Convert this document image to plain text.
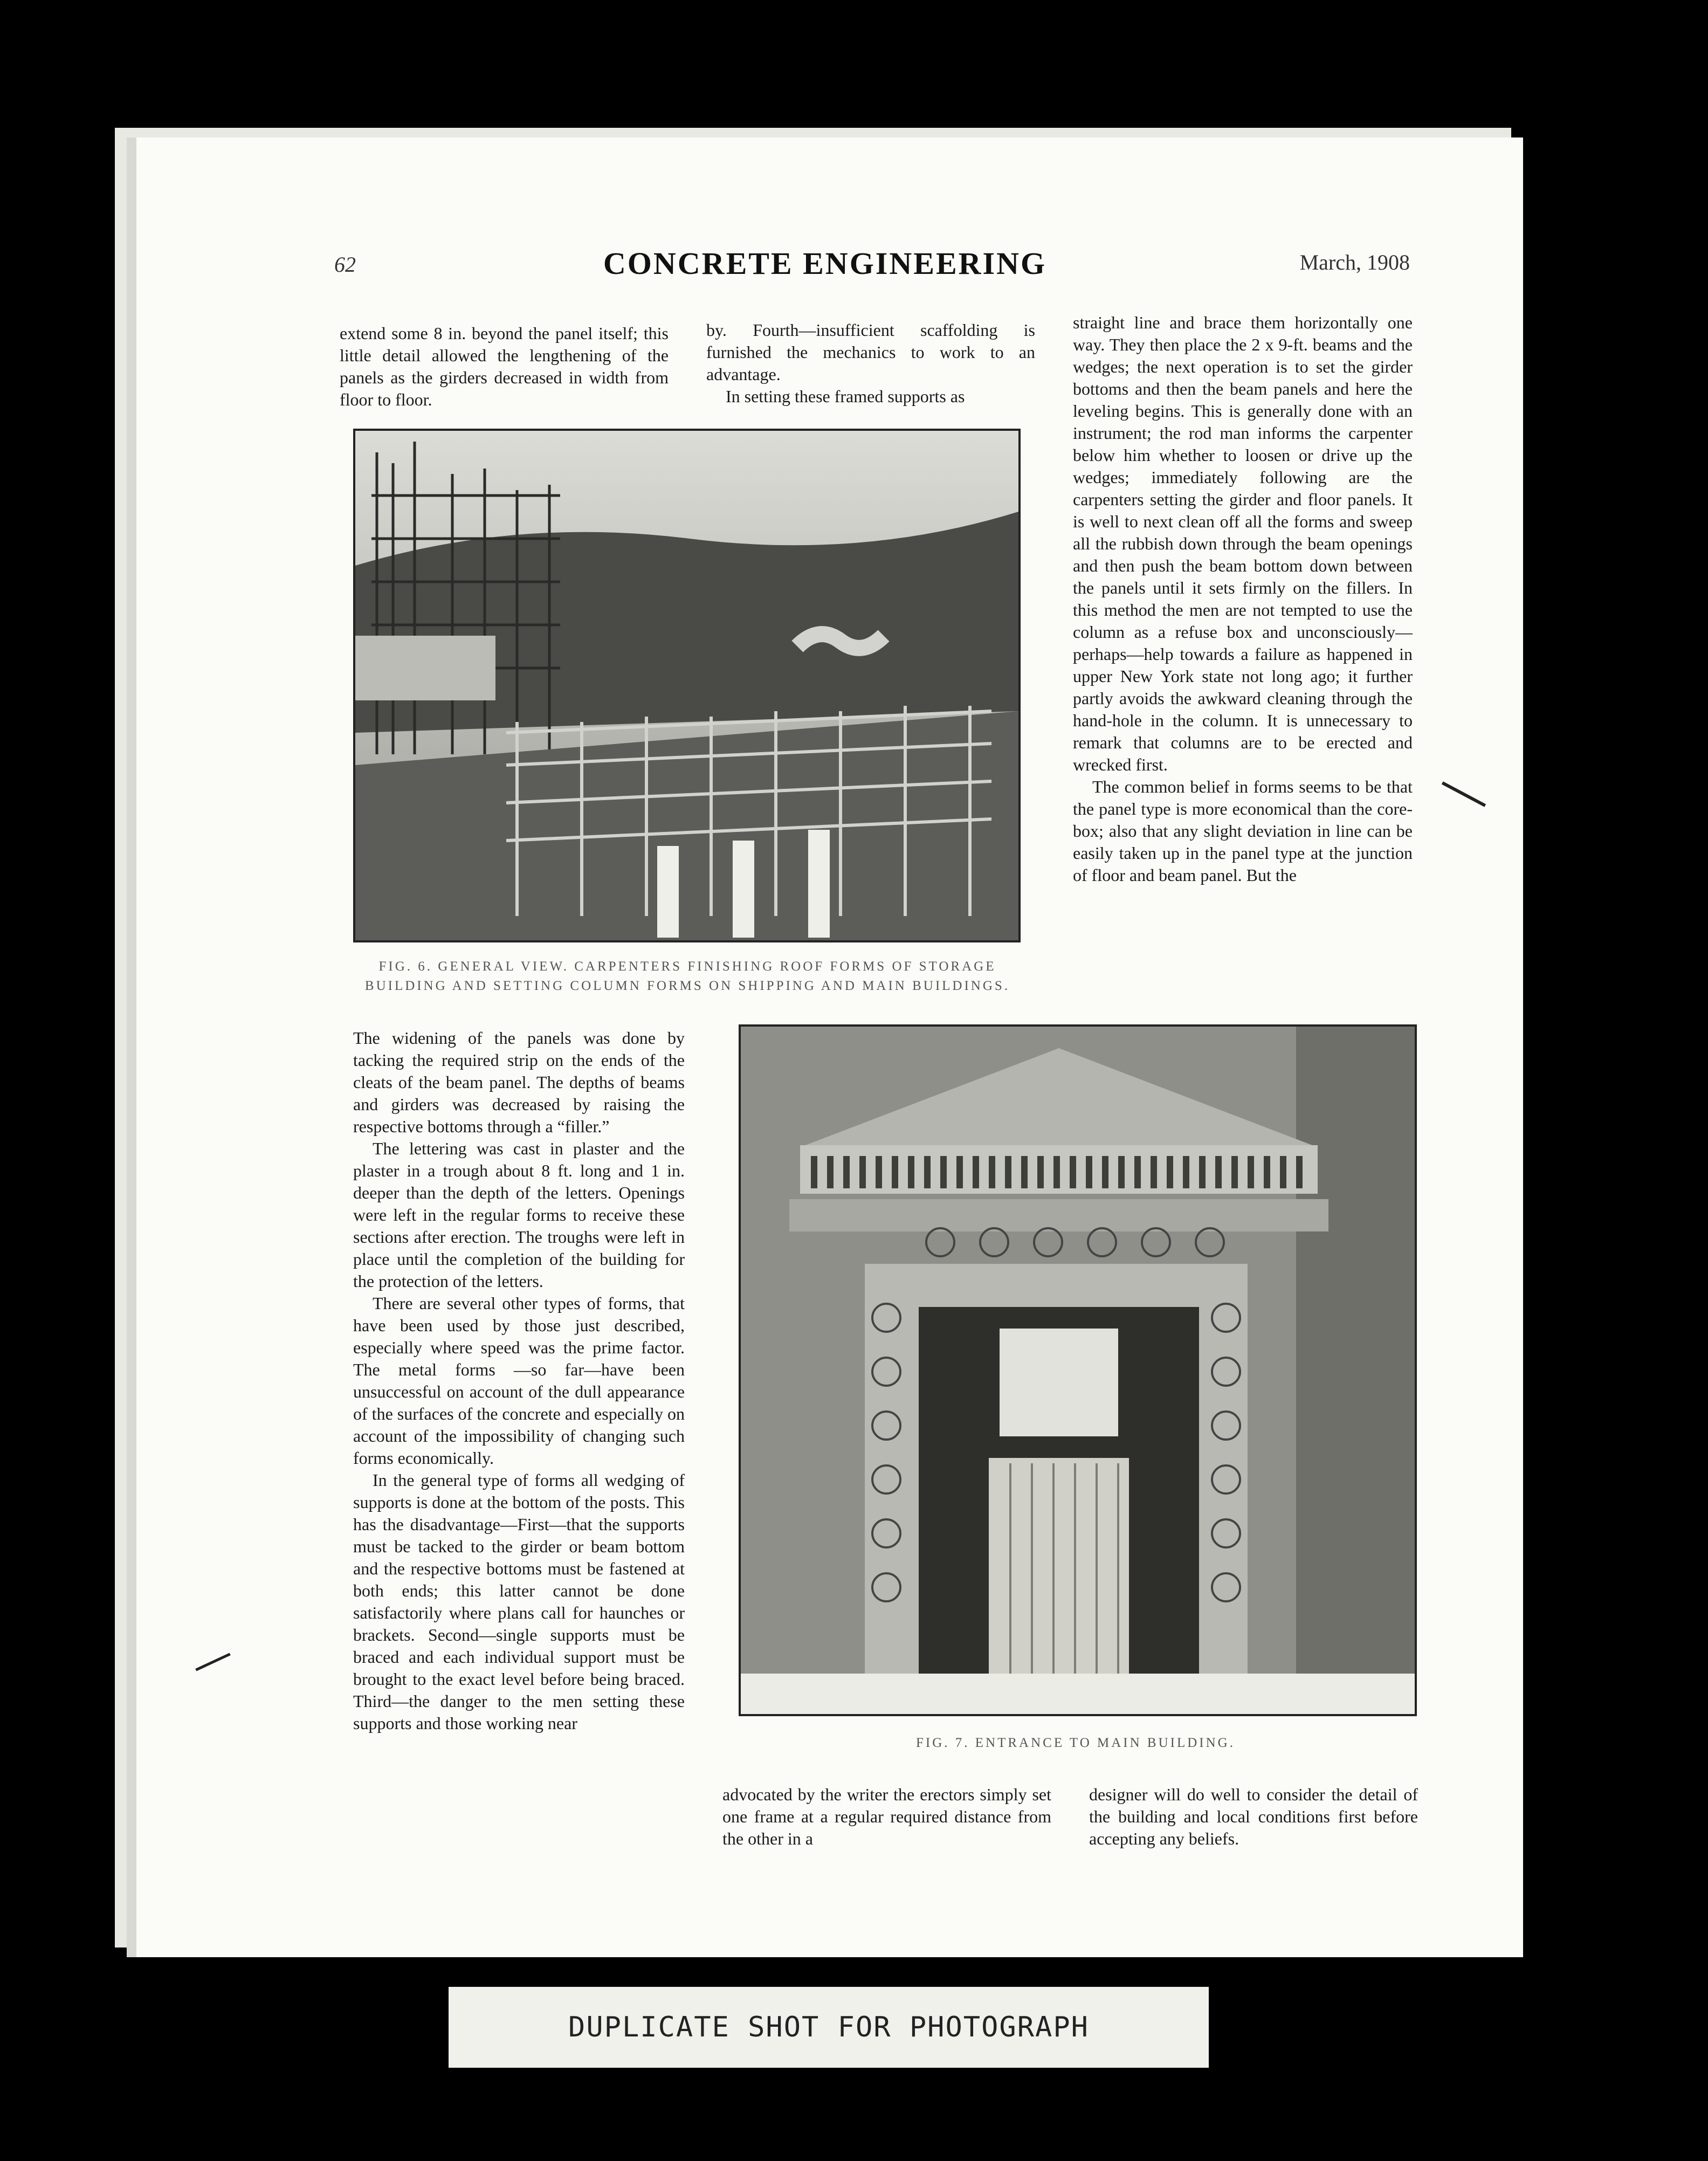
62	CONCRETE ENGINEERING	March, 1908

extend some 8 in. beyond the panel itself; this little detail allowed the lengthening of the panels as the girders decreased in width from floor to floor.

by. Fourth—insufficient scaffolding is furnished the mechanics to work to an advantage.

In setting these framed supports as

straight line and brace them horizontally one way. They then place the 2 x 9-ft. beams and the wedges; the next operation is to set the girder bottoms and then the beam panels and here the leveling begins. This is generally done with an instrument; the rod man informs the carpenter below him whether to loosen or drive up the wedges; immediately following are the carpenters setting the girder and floor panels. It is well to next clean off all the forms and sweep all the rubbish down through the beam openings and then push the beam bottom down between the panels until it sets firmly on the fillers. In this method the men are not tempted to use the column as a refuse box and unconsciously—perhaps—help towards a failure as happened in upper New York state not long ago; it further partly avoids the awkward cleaning through the hand-hole in the column. It is unnecessary to remark that columns are to be erected and wrecked first.

The common belief in forms seems to be that the panel type is more economical than the core-box; also that any slight deviation in line can be easily taken up in the panel type at the junction of floor and beam panel. But the

FIG. 6. GENERAL VIEW. CARPENTERS FINISHING ROOF FORMS OF STORAGE BUILDING AND SETTING COLUMN FORMS ON SHIPPING AND MAIN BUILDINGS.

The widening of the panels was done by tacking the required strip on the ends of the cleats of the beam panel. The depths of beams and girders was decreased by raising the respective bottoms through a “filler.”

The lettering was cast in plaster and the plaster in a trough about 8 ft. long and 1 in. deeper than the depth of the letters. Openings were left in the regular forms to receive these sections after erection. The troughs were left in place until the completion of the building for the protection of the letters.

There are several other types of forms, that have been used by those just described, especially where speed was the prime factor. The metal forms —so far—have been unsuccessful on account of the dull appearance of the surfaces of the concrete and especially on account of the impossibility of changing such forms economically.

In the general type of forms all wedging of supports is done at the bottom of the posts. This has the disadvantage—First—that the supports must be tacked to the girder or beam bottom and the respective bottoms must be fastened at both ends; this latter cannot be done satisfactorily where plans call for haunches or brackets. Second—single supports must be braced and each individual support must be brought to the exact level before being braced. Third—the danger to the men setting these supports and those working near

FIG. 7. ENTRANCE TO MAIN BUILDING.

advocated by the writer the erectors simply set one frame at a regular required distance from the other in a

designer will do well to consider the detail of the building and local conditions first before accepting any beliefs.

DUPLICATE SHOT FOR PHOTOGRAPH
